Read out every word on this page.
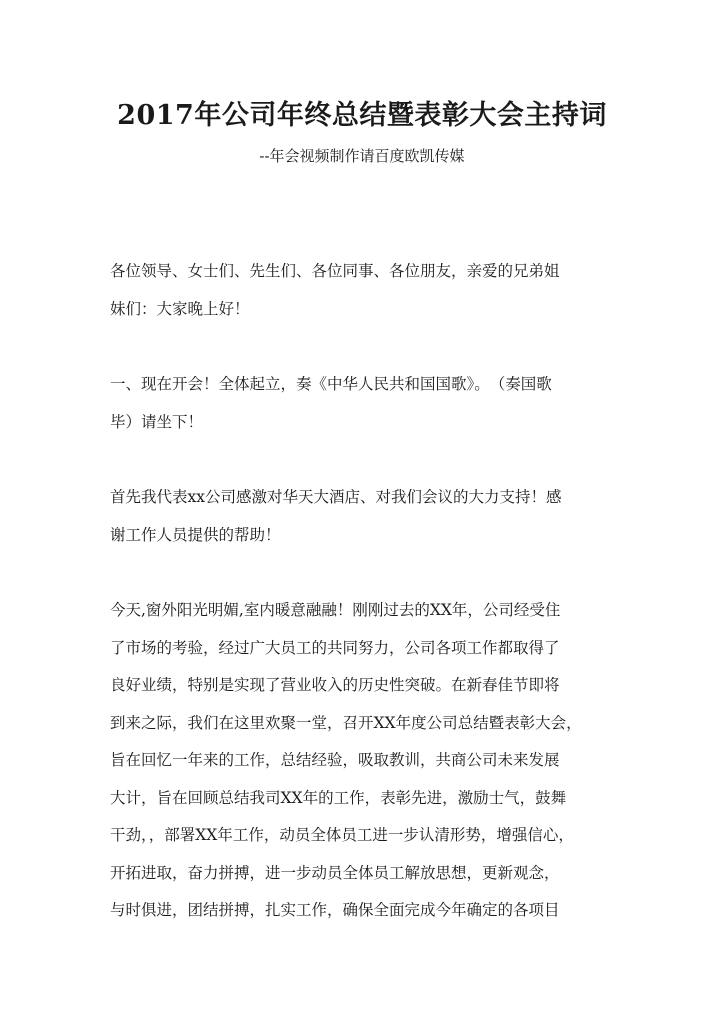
2017年公司年终总结暨表彰大会主持词
--年会视频制作请百度欧凯传媒
各位领导、女士们、先生们、各位同事、各位朋友，亲爱的兄弟姐
妹们：大家晚上好！
一、现在开会！全体起立，奏《中华人民共和国国歌》。　（奏国歌
毕）请坐下！
首先我代表xx公司感激对华天大酒店、对我们会议的大力支持！感
谢工作人员提供的帮助！
今天,窗外阳光明媚,室内暖意融融！刚刚过去的XX年，公司经受住
了市场的考验，经过广大员工的共同努力，公司各项工作都取得了
良好业绩，特别是实现了营业收入的历史性突破。在新春佳节即将
到来之际，我们在这里欢聚一堂，召开XX年度公司总结暨表彰大会，
旨在回忆一年来的工作，总结经验，吸取教训，共商公司未来发展
大计，旨在回顾总结我司XX年的工作，表彰先进，激励士气，鼓舞
干劲，，部署XX年工作，动员全体员工进一步认清形势，增强信心，
开拓进取，奋力拼搏，进一步动员全体员工解放思想，更新观念，
与时俱进，团结拼搏，扎实工作，确保全面完成今年确定的各项目
